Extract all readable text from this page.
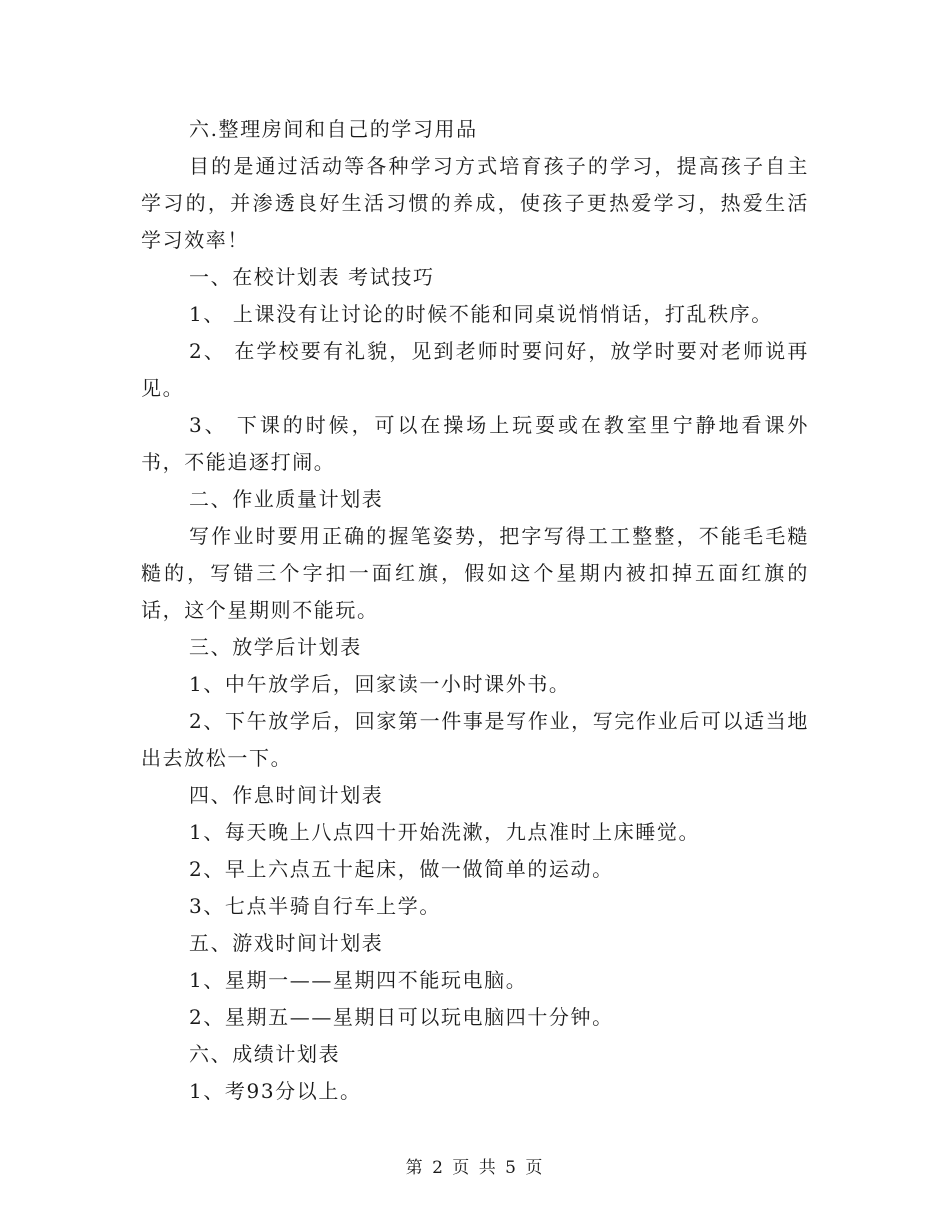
六.整理房间和自己的学习用品

目的是通过活动等各种学习方式培育孩子的学习，提高孩子自主学习的，并渗透良好生活习惯的养成，使孩子更热爱学习，热爱生活学习效率！

一、在校计划表 考试技巧

1、 上课没有让讨论的时候不能和同桌说悄悄话，打乱秩序。

2、 在学校要有礼貌，见到老师时要问好，放学时要对老师说再见。

3、 下课的时候，可以在操场上玩耍或在教室里宁静地看课外书，不能追逐打闹。

二、作业质量计划表

写作业时要用正确的握笔姿势，把字写得工工整整，不能毛毛糙糙的，写错三个字扣一面红旗，假如这个星期内被扣掉五面红旗的话，这个星期则不能玩。

三、放学后计划表

1、中午放学后，回家读一小时课外书。

2、下午放学后，回家第一件事是写作业，写完作业后可以适当地出去放松一下。

四、作息时间计划表

1、每天晚上八点四十开始洗漱，九点准时上床睡觉。

2、早上六点五十起床，做一做简单的运动。

3、七点半骑自行车上学。

五、游戏时间计划表

1、星期一——星期四不能玩电脑。

2、星期五——星期日可以玩电脑四十分钟。

六、成绩计划表

1、考93分以上。

第 2 页 共 5 页
